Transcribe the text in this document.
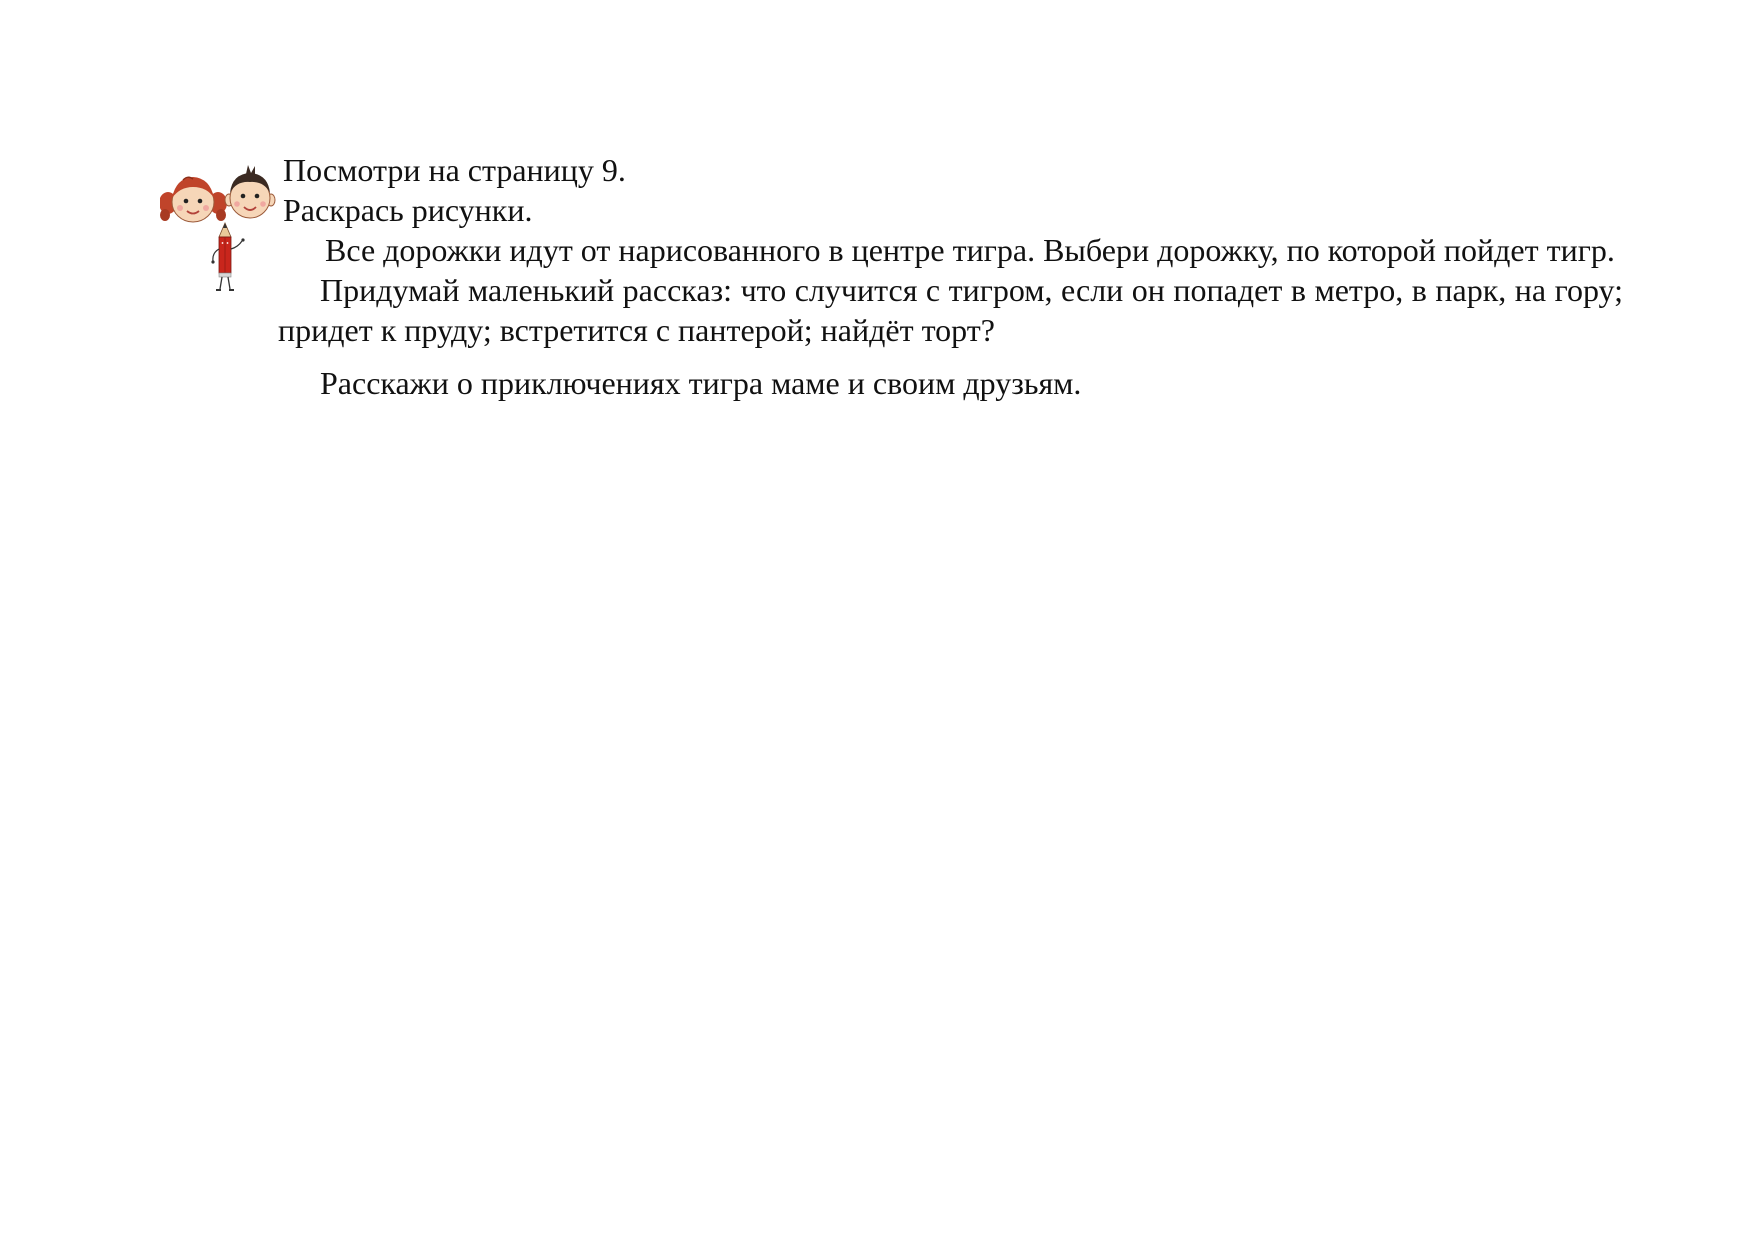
Посмотри на страницу 9.

Раскрась рисунки.

Все дорожки идут от нарисованного в центре тигра. Выбери дорожку, по которой пойдет тигр.

Придумай маленький рассказ: что случится с тигром, если он попадет в метро, в парк, на гору; придет к пруду; встретится с пантерой; найдёт торт?

Расскажи о приключениях тигра маме и своим друзьям.
